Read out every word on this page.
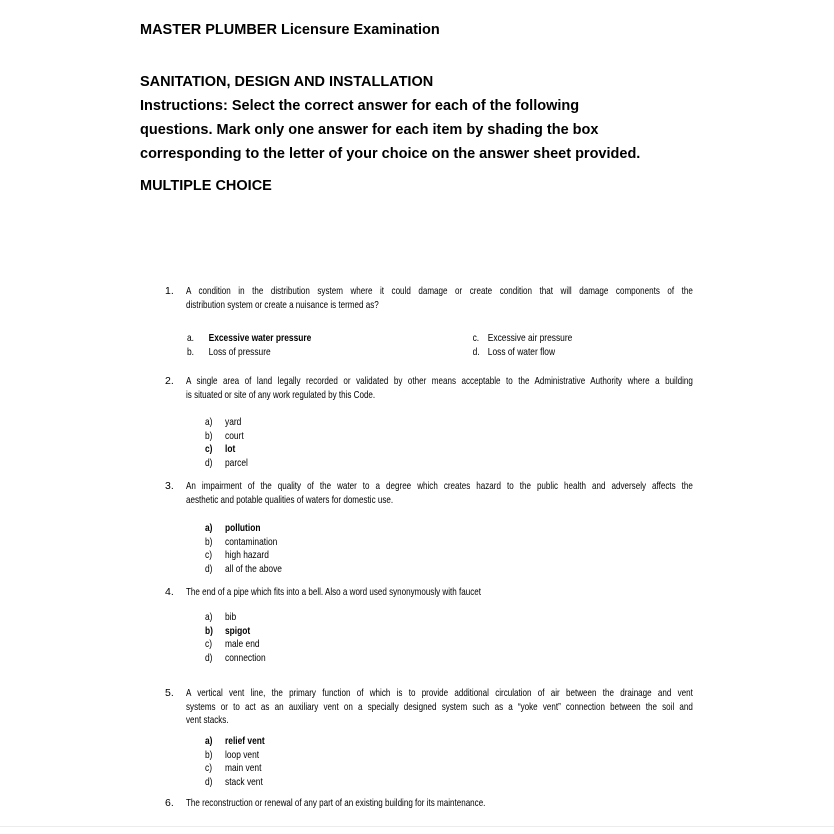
MASTER PLUMBER Licensure Examination
SANITATION, DESIGN AND INSTALLATION
Instructions: Select the correct answer for each of the following
questions. Mark only one answer for each item by shading the box
corresponding to the letter of your choice on the answer sheet provided.
MULTIPLE CHOICE
1. A condition in the distribution system where it could damage or create condition that will damage components of the
distribution system or create a nuisance is termed as?
a. Excessive water pressure	c. Excessive air pressure
b. Loss of pressure	d. Loss of water flow
2. A single area of land legally recorded or validated by other means acceptable to the Administrative Authority where a building
is situated or site of any work regulated by this Code.
a) yard
b) court
c) lot
d) parcel
3. An impairment of the quality of the water to a degree which creates hazard to the public health and adversely affects the
aesthetic and potable qualities of waters for domestic use.
a) pollution
b) contamination
c) high hazard
d) all of the above
4. The end of a pipe which fits into a bell. Also a word used synonymously with faucet
a) bib
b) spigot
c) male end
d) connection
5. A vertical vent line, the primary function of which is to provide additional circulation of air between the drainage and vent
systems or to act as an auxiliary vent on a specially designed system such as a “yoke vent” connection between the soil and
vent stacks.
a) relief vent
b) loop vent
c) main vent
d) stack vent
6. The reconstruction or renewal of any part of an existing building for its maintenance.
